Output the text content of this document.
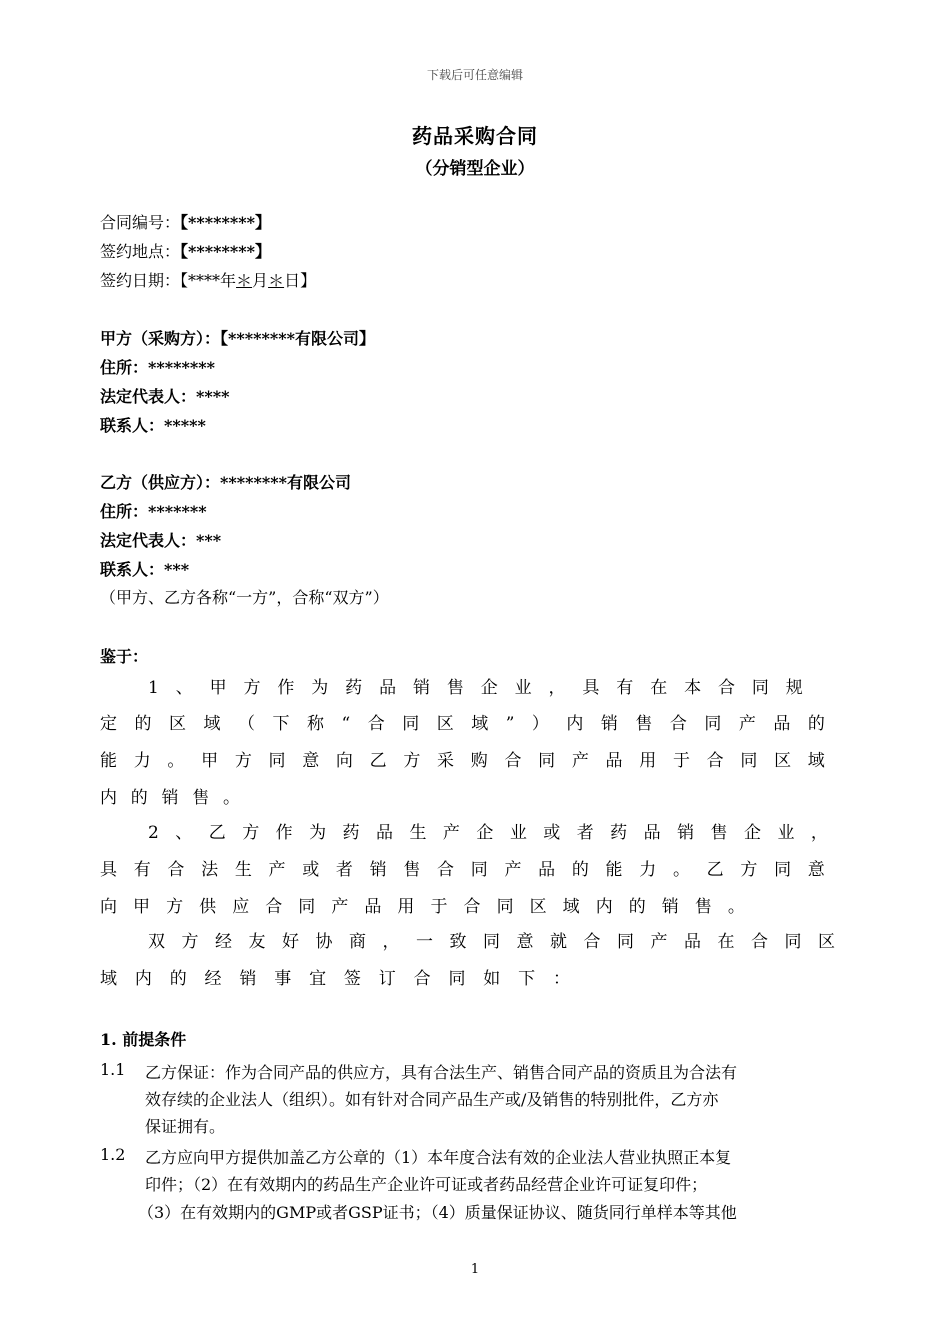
下载后可任意编辑
药品采购合同
（分销型企业）
合同编号：【********】
签约地点：【********】
签约日期：【****年＊月＊日】
甲方（采购方）：【********有限公司】
住所：********
法定代表人：****
联系人：*****
乙方（供应方）：********有限公司
住所：*******
法定代表人：***
联系人：***
（甲方、乙方各称“一方”，合称“双方”）
鉴于：
1 、 甲 方 作 为 药 品 销 售 企 业 ， 具 有 在 本 合 同 规
定 的 区 域 （ 下 称 “ 合 同 区 域 ” ） 内 销 售 合 同 产 品 的
能 力 。 甲 方 同 意 向 乙 方 采 购 合 同 产 品 用 于 合 同 区 域
内 的 销 售 。
2 、 乙 方 作 为 药 品 生 产 企 业 或 者 药 品 销 售 企 业 ，
具 有 合 法 生 产 或 者 销 售 合 同 产 品 的 能 力 。 乙 方 同 意
向 甲 方 供 应 合 同 产 品 用 于 合 同 区 域 内 的 销 售 。
双 方 经 友 好 协 商 ， 一 致 同 意 就 合 同 产 品 在 合 同 区
域 内 的 经 销 事 宜 签 订 合 同 如 下 ：
1. 前提条件
1.1 乙方保证：作为合同产品的供应方，具有合法生产、销售合同产品的资质且为合法有
效存续的企业法人（组织）。如有针对合同产品生产或/及销售的特别批件，乙方亦
保证拥有。
1.2 乙方应向甲方提供加盖乙方公章的（1）本年度合法有效的企业法人营业执照正本复
印件；（2）在有效期内的药品生产企业许可证或者药品经营企业许可证复印件；
（3）在有效期内的GMP或者GSP证书；（4）质量保证协议、随货同行单样本等其他
1
